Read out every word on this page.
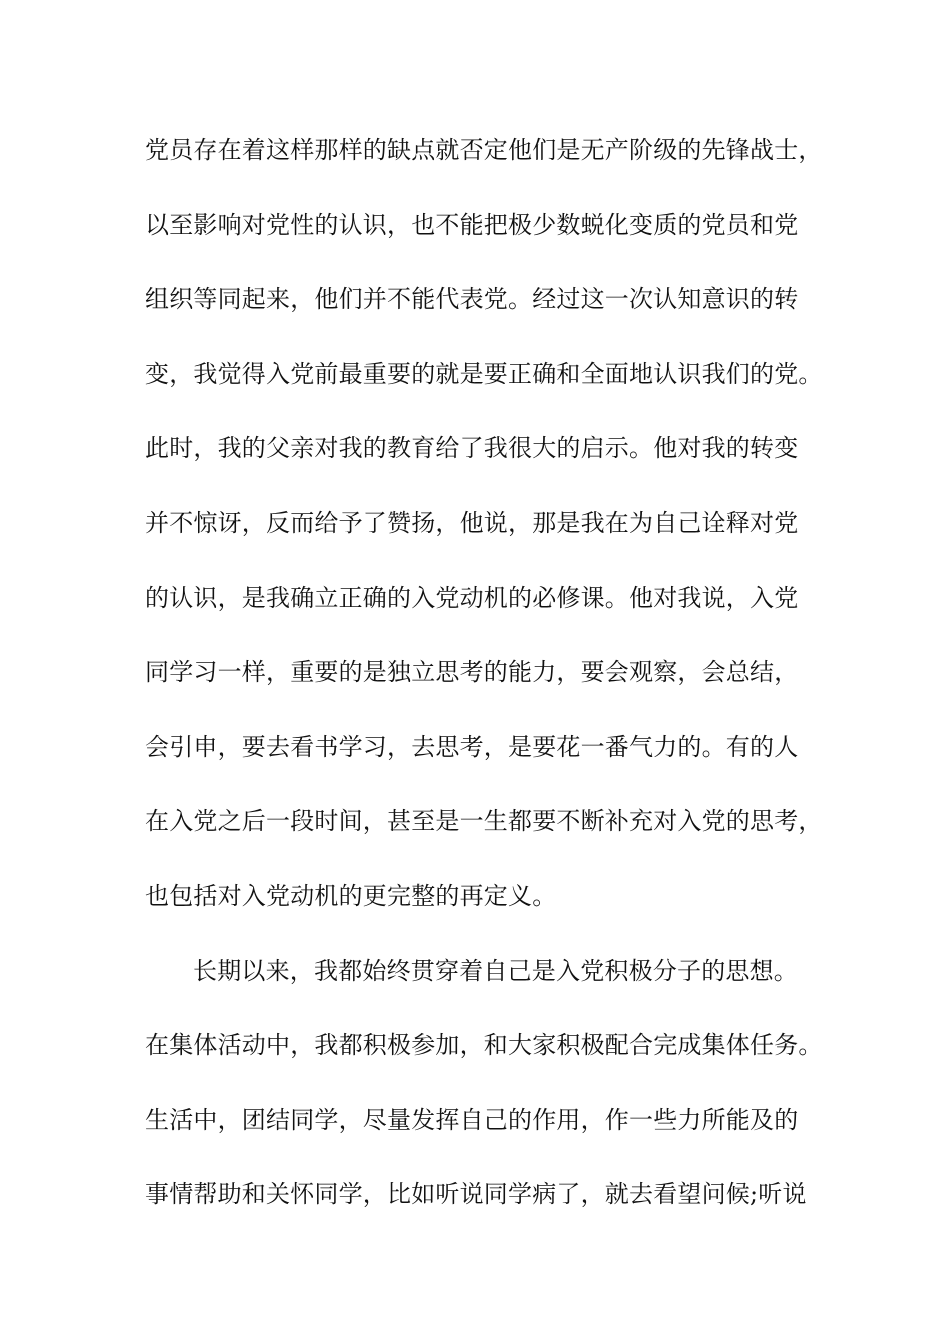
党员存在着这样那样的缺点就否定他们是无产阶级的先锋战士，
以至影响对党性的认识，也不能把极少数蜕化变质的党员和党
组织等同起来，他们并不能代表党。经过这一次认知意识的转
变，我觉得入党前最重要的就是要正确和全面地认识我们的党。
此时，我的父亲对我的教育给了我很大的启示。他对我的转变
并不惊讶，反而给予了赞扬，他说，那是我在为自己诠释对党
的认识，是我确立正确的入党动机的必修课。他对我说，入党
同学习一样，重要的是独立思考的能力，要会观察，会总结，
会引申，要去看书学习，去思考，是要花一番气力的。有的人
在入党之后一段时间，甚至是一生都要不断补充对入党的思考，
也包括对入党动机的更完整的再定义。
长期以来，我都始终贯穿着自己是入党积极分子的思想。
在集体活动中，我都积极参加，和大家积极配合完成集体任务。
生活中，团结同学，尽量发挥自己的作用，作一些力所能及的
事情帮助和关怀同学，比如听说同学病了，就去看望问候;听说
